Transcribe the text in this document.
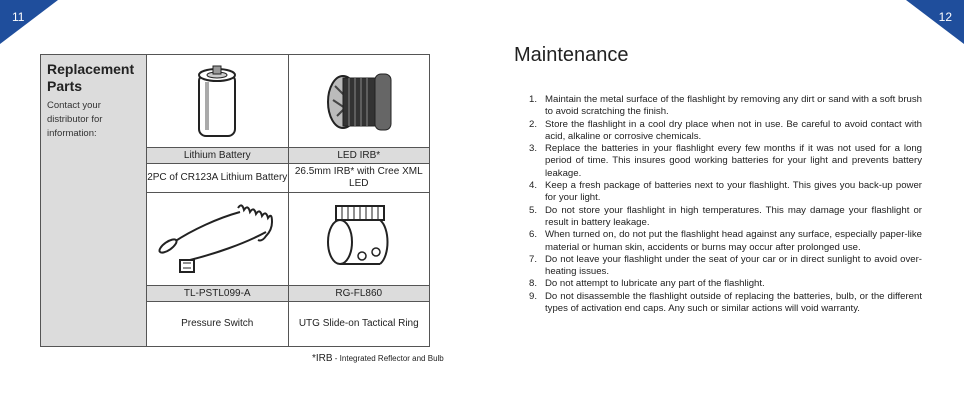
11	12
Replacement Parts
Contact your distributor for information:

	Lithium Battery	LED IRB*
	2PC of CR123A Lithium Battery	26.5mm IRB* with Cree XML LED

	TL-PSTL099-A	RG-FL860
	Pressure Switch	UTG Slide-on Tactical Ring
*IRB - Integrated Reflector and Bulb
Maintenance
1. Maintain the metal surface of the flashlight by removing any dirt or sand with a soft brush to avoid scratching the finish.
2. Store the flashlight in a cool dry place when not in use. Be careful to avoid contact with acid, alkaline or corrosive chemicals.
3. Replace the batteries in your flashlight every few months if it was not used for a long period of time. This insures good working batteries for your light and prevents battery leakage.
4. Keep a fresh package of batteries next to your flashlight. This gives you back-up power for your light.
5. Do not store your flashlight in high temperatures. This may damage your flashlight or result in battery leakage.
6. When turned on, do not put the flashlight head against any surface, especially paper-like material or human skin, accidents or burns may occur after prolonged use.
7. Do not leave your flashlight under the seat of your car or in direct sunlight to avoid over-heating issues.
8. Do not attempt to lubricate any part of the flashlight.
9. Do not disassemble the flashlight outside of replacing the batteries, bulb, or the different types of activation end caps. Any such or similar actions will void warranty.
